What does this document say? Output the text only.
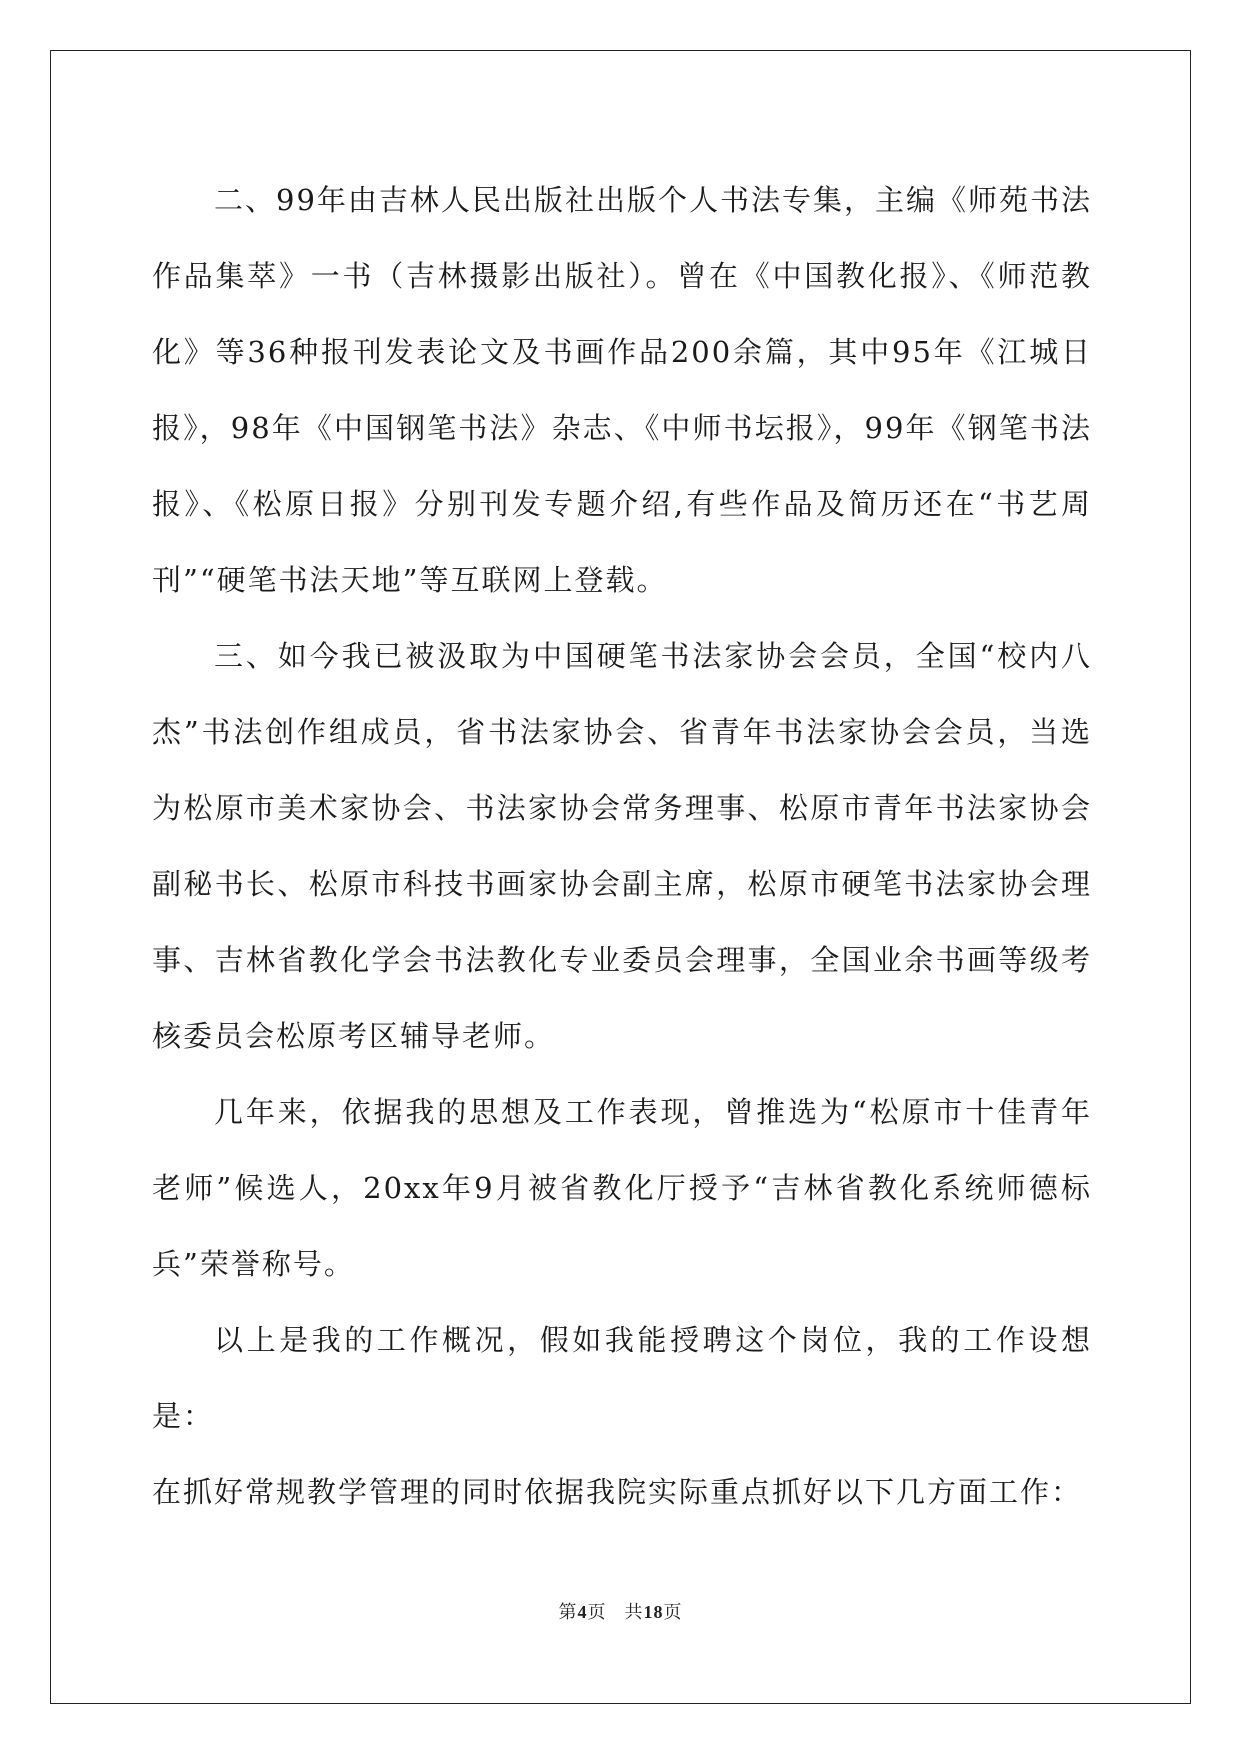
二、99年由吉林人民出版社出版个人书法专集，主编《师苑书法作品集萃》一书（吉林摄影出版社）。曾在《中国教化报》、《师范教化》等36种报刊发表论文及书画作品200余篇，其中95年《江城日报》，98年《中国钢笔书法》杂志、《中师书坛报》，99年《钢笔书法报》、《松原日报》分别刊发专题介绍,有些作品及简历还在“书艺周刊”“硬笔书法天地”等互联网上登载。

三、如今我已被汲取为中国硬笔书法家协会会员，全国“校内八杰”书法创作组成员，省书法家协会、省青年书法家协会会员，当选为松原市美术家协会、书法家协会常务理事、松原市青年书法家协会副秘书长、松原市科技书画家协会副主席，松原市硬笔书法家协会理事、吉林省教化学会书法教化专业委员会理事，全国业余书画等级考核委员会松原考区辅导老师。

几年来，依据我的思想及工作表现，曾推选为“松原市十佳青年老师”候选人，20xx年9月被省教化厅授予“吉林省教化系统师德标兵”荣誉称号。

以上是我的工作概况，假如我能授聘这个岗位，我的工作设想是：

在抓好常规教学管理的同时依据我院实际重点抓好以下几方面工作：

第4页 共18页
